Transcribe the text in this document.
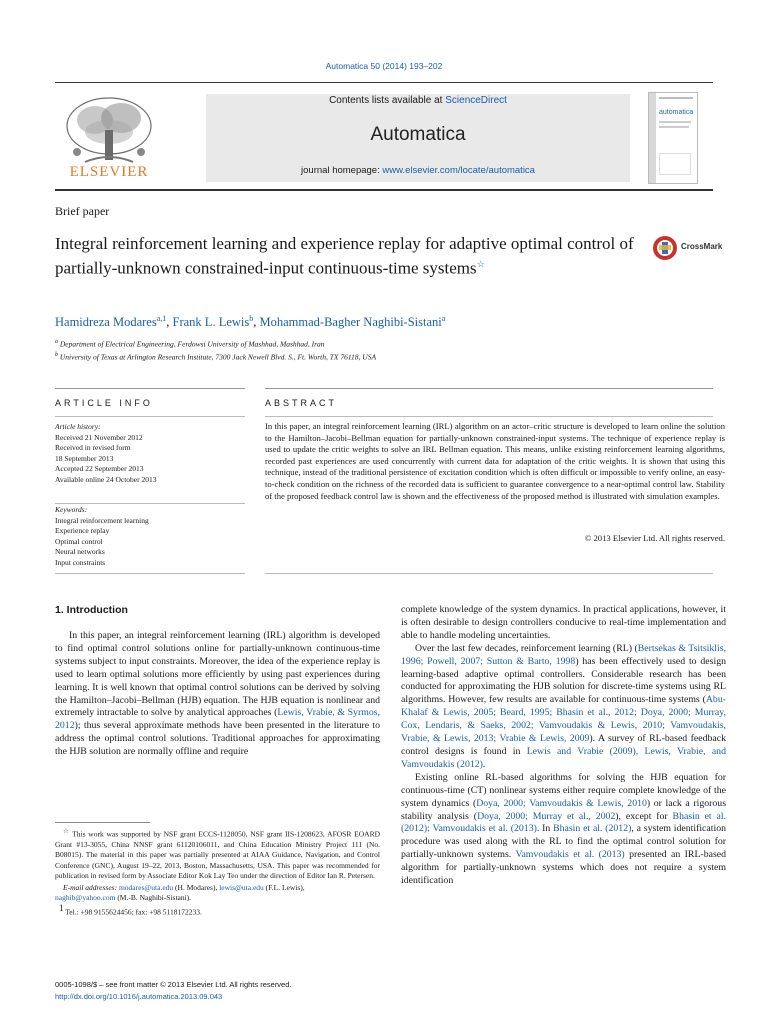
Automatica 50 (2014) 193–202
ELSEVIER
Contents lists available at ScienceDirect
Automatica
journal homepage: www.elsevier.com/locate/automatica
automatica
Brief paper
Integral reinforcement learning and experience replay for adaptive optimal control of partially-unknown constrained-input continuous-time systems☆
CrossMark
Hamidreza Modares$^{a,1}$, Frank L. Lewis$^b$, Mohammad-Bagher Naghibi-Sistani$^a$
$^a$ Department of Electrical Engineering, Ferdowsi University of Mashhad, Mashhad, Iran
$^b$ University of Texas at Arlington Research Institute, 7300 Jack Newell Blvd. S., Ft. Worth, TX 76118, USA
ARTICLE INFO	ABSTRACT
Article history:
Received 21 November 2012
Received in revised form
18 September 2013
Accepted 22 September 2013
Available online 24 October 2013
Keywords:
Integral reinforcement learning
Experience replay
Optimal control
Neural networks
Input constraints
In this paper, an integral reinforcement learning (IRL) algorithm on an actor–critic structure is developed to learn online the solution to the Hamilton–Jacobi–Bellman equation for partially-unknown constrained-input systems. The technique of experience replay is used to update the critic weights to solve an IRL Bellman equation. This means, unlike existing reinforcement learning algorithms, recorded past experiences are used concurrently with current data for adaptation of the critic weights. It is shown that using this technique, instead of the traditional persistence of excitation condition which is often difficult or impossible to verify online, an easy-to-check condition on the richness of the recorded data is sufficient to guarantee convergence to a near-optimal control law. Stability of the proposed feedback control law is shown and the effectiveness of the proposed method is illustrated with simulation examples.
© 2013 Elsevier Ltd. All rights reserved.
1. Introduction
In this paper, an integral reinforcement learning (IRL) algorithm is developed to find optimal control solutions online for partially-unknown continuous-time systems subject to input constraints. Moreover, the idea of the experience replay is used to learn optimal solutions more efficiently by using past experiences during learning. It is well known that optimal control solutions can be derived by solving the Hamilton–Jacobi–Bellman (HJB) equation. The HJB equation is nonlinear and extremely intractable to solve by analytical approaches (Lewis, Vrabie, & Syrmos, 2012); thus several approximate methods have been presented in the literature to address the optimal control solutions. Traditional approaches for approximating the HJB solution are normally offline and require

complete knowledge of the system dynamics. In practical applications, however, it is often desirable to design controllers conducive to real-time implementation and able to handle modeling uncertainties.

Over the last few decades, reinforcement learning (RL) (Bertsekas & Tsitsiklis, 1996; Powell, 2007; Sutton & Barto, 1998) has been effectively used to design learning-based adaptive optimal controllers. Considerable research has been conducted for approximating the HJB solution for discrete-time systems using RL algorithms. However, few results are available for continuous-time systems (Abu-Khalaf & Lewis, 2005; Beard, 1995; Bhasin et al., 2012; Doya, 2000; Murray, Cox, Lendaris, & Saeks, 2002; Vamvoudakis & Lewis, 2010; Vamvoudakis, Vrabie, & Lewis, 2013; Vrabie & Lewis, 2009). A survey of RL-based feedback control designs is found in Lewis and Vrabie (2009), Lewis, Vrabie, and Vamvoudakis (2012).

Existing online RL-based algorithms for solving the HJB equation for continuous-time (CT) nonlinear systems either require complete knowledge of the system dynamics (Doya, 2000; Vamvoudakis & Lewis, 2010) or lack a rigorous stability analysis (Doya, 2000; Murray et al., 2002), except for Bhasin et al. (2012); Vamvoudakis et al. (2013). In Bhasin et al. (2012), a system identification procedure was used along with the RL to find the optimal control solution for partially-unknown systems. Vamvoudakis et al. (2013) presented an IRL-based algorithm for partially-unknown systems which does not require a system identification

☆ This work was supported by NSF grant ECCS-1128050, NSF grant IIS-1208623, AFOSR EOARD Grant #13-3055, China NNSF grant 61120106011, and China Education Ministry Project 111 (No. B08015). The material in this paper was partially presented at AIAA Guidance, Navigation, and Control Conference (GNC), August 19–22, 2013, Boston, Massachusetts, USA. This paper was recommended for publication in revised form by Associate Editor Kok Lay Teo under the direction of Editor Ian R. Petersen.

E-mail addresses: modares@uta.edu (H. Modares), lewis@uta.edu (F.L. Lewis),
naghib@yahoo.com (M.-B. Naghibi-Sistani).

$^1$ Tel.: +98 9155624456; fax: +98 5118172233.

0005-1098/$ – see front matter © 2013 Elsevier Ltd. All rights reserved.
http://dx.doi.org/10.1016/j.automatica.2013.09.043
